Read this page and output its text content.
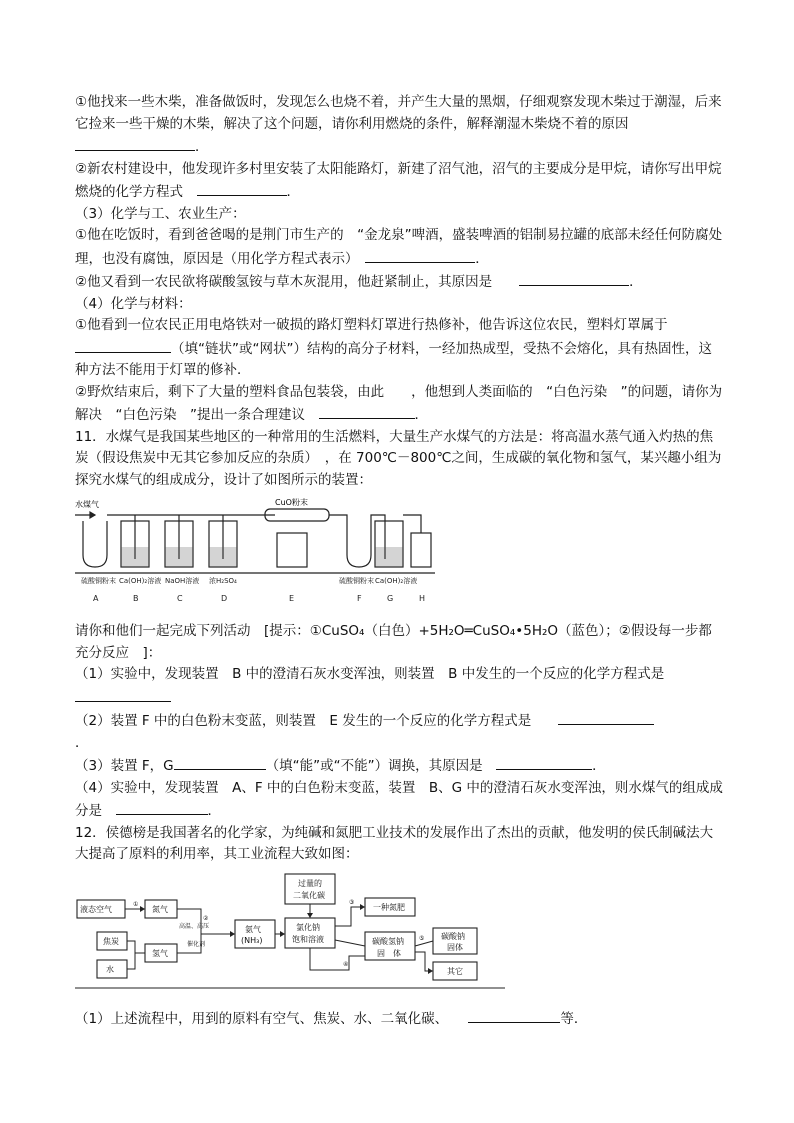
①他找来一些木柴，准备做饭时，发现怎么也烧不着，并产生大量的黑烟，仔细观察发现木柴过于潮湿，后来它捡来一些干燥的木柴，解决了这个问题，请你利用燃烧的条件，解释潮湿木柴烧不着的原因．

②新农村建设中，他发现许多村里安装了太阳能路灯，新建了沼气池，沼气的主要成分是甲烷，请你写出甲烷燃烧的化学方程式　	．

（3）化学与工、农业生产：

①他在吃饭时，看到爸爸喝的是荆门市生产的　“金龙泉”啤酒，盛装啤酒的铝制易拉罐的底部未经任何防腐处理，也没有腐蚀，原因是（用化学方程式表示）　	．

②他又看到一农民欲将碳酸氢铵与草木灰混用，他赶紧制止，其原因是　　	．

（4）化学与材料：

①他看到一位农民正用电烙铁对一破损的路灯塑料灯罩进行热修补，他告诉这位农民，塑料灯罩属于（填“链状”或“网状”）结构的高分子材料，一经加热成型，受热不会熔化，具有热固性，这种方法不能用于灯罩的修补．

②野炊结束后，剩下了大量的塑料食品包装袋，由此　　，他想到人类面临的　“白色污染　”的问题，请你为解决　“白色污染　”提出一条合理建议　	．

11．水煤气是我国某些地区的一种常用的生活燃料，大量生产水煤气的方法是：将高温水蒸气通入灼热的焦炭（假设焦炭中无其它参加反应的杂质）　，在 700℃－800℃之间，生成碳的氧化物和氢气，某兴趣小组为探究水煤气的组成成分，设计了如图所示的装置：

水煤气	CuO粉末
硫酸铜粉末 Ca(OH)₂溶液 NaOH溶液 浓H₂SO₄	硫酸铜粉末 Ca(OH)₂溶液
A	B	C	D	E	F	G	H

请你和他们一起完成下列活动　[提示：①CuSO₄（白色）+5H₂O═CuSO₄•5H₂O（蓝色）；②假设每一步都充分反应　]：

（1）实验中，发现装置　B 中的澄清石灰水变浑浊，则装置　B 中发生的一个反应的化学方程式是　

（2）装置 F 中的白色粉末变蓝，则装置　E 发生的一个反应的化学方程式是　　
．

（3）装置 F，G	（填“能”或“不能”）调换，其原因是　	．

（4）实验中，发现装置　A、F 中的白色粉末变蓝，装置　B、G 中的澄清石灰水变浑浊，则水煤气的组成成分是　	．

12．侯德榜是我国著名的化学家，为纯碱和氮肥工业技术的发展作出了杰出的贡献，他发明的侯氏制碱法大大提高了原料的利用率，其工业流程大致如图：

液态空气
焦炭
水
氮气
氢气
氨气
(NH₃)
过量的
二氧化碳
氯化钠
饱和溶液
一种氮肥
碳酸氢钠
固　体
碳酸钠
固体
其它
高温、高压
催化剂
②
①	③
④
⑤

（1）上述流程中，用到的原料有空气、焦炭、水、二氧化碳、　　	等．
